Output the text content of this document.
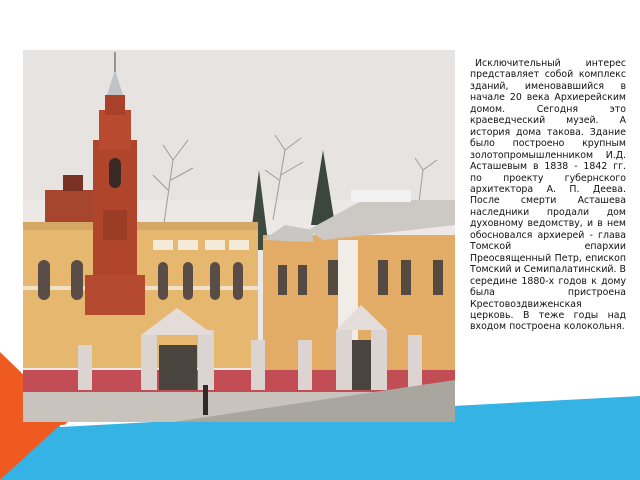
Исключительный интерес представляет собой комплекс зданий, именовавшийся в начале 20 века Архиерейским домом. Сегодня это краеведческий музей. А история дома такова. Здание было построено крупным золотопромышленником И.Д. Асташевым в 1838 - 1842 гг. по проекту губернского архитектора А. П. Деева. После смерти Асташева наследники продали дом духовному ведомству, и в нем обосновался архиерей - глава Томской епархии Преосвященный Петр, епископ Томский и Семипалатинский. В середине 1880-х годов к дому была пристроена Крестовоздвиженская церковь. В теже годы над входом построена колокольня.
